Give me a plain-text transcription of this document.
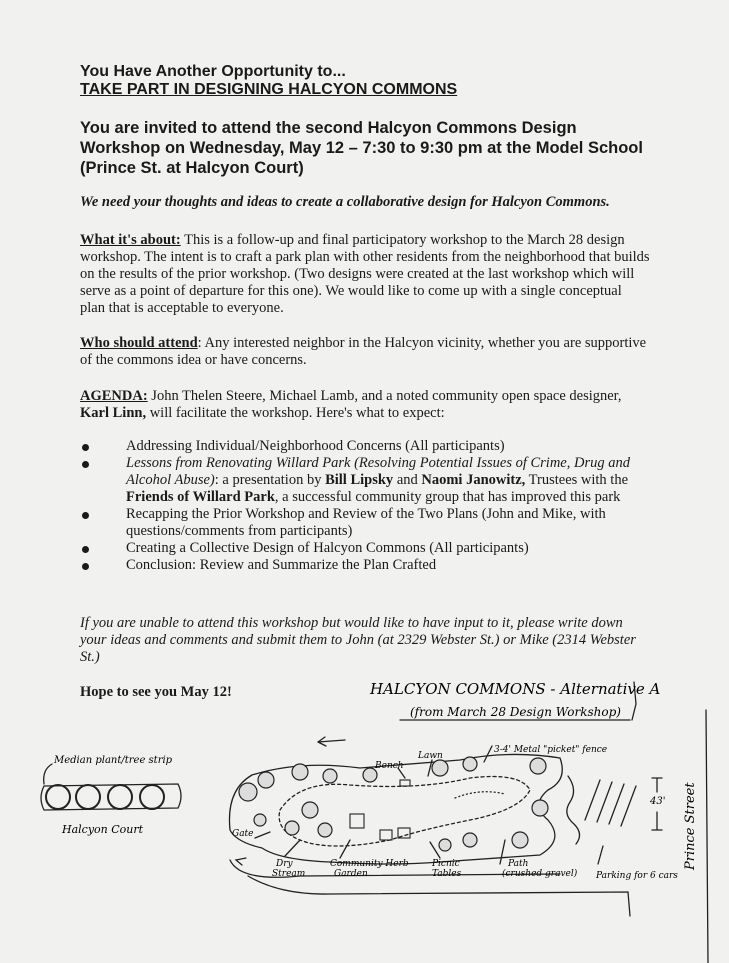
You Have Another Opportunity to...

TAKE PART IN DESIGNING HALCYON COMMONS

You are invited to attend the second Halcyon Commons Design Workshop on Wednesday, May 12 – 7:30 to 9:30 pm at the Model School (Prince St. at Halcyon Court)

We need your thoughts and ideas to create a collaborative design for Halcyon Commons.

What it's about: This is a follow-up and final participatory workshop to the March 28 design workshop. The intent is to craft a park plan with other residents from the neighborhood that builds on the results of the prior workshop. (Two designs were created at the last workshop which will serve as a point of departure for this one). We would like to come up with a single conceptual plan that is acceptable to everyone.

Who should attend: Any interested neighbor in the Halcyon vicinity, whether you are supportive of the commons idea or have concerns.

AGENDA: John Thelen Steere, Michael Lamb, and a noted community open space designer, Karl Linn, will facilitate the workshop. Here's what to expect:

Addressing Individual/Neighborhood Concerns (All participants)
Lessons from Renovating Willard Park (Resolving Potential Issues of Crime, Drug and Alcohol Abuse): a presentation by Bill Lipsky and Naomi Janowitz, Trustees with the Friends of Willard Park, a successful community group that has improved this park
Recapping the Prior Workshop and Review of the Two Plans (John and Mike, with questions/comments from participants)
Creating a Collective Design of Halcyon Commons (All participants)
Conclusion: Review and Summarize the Plan Crafted

If you are unable to attend this workshop but would like to have input to it, please write down your ideas and comments and submit them to John (at 2329 Webster St.) or Mike (2314 Webster St.)

Hope to see you May 12!	HALCYON COMMONS - Alternative A
(from March 28 Design Workshop)
Median plant/tree strip
Halcyon Court
Lawn
Bench
3-4' Metal "picket" fence
Gate
Dry
Stream
Community Herb
Garden
Picnic
Tables
Path
(crushed gravel) Parking for 6 cars
43' Prince Street
